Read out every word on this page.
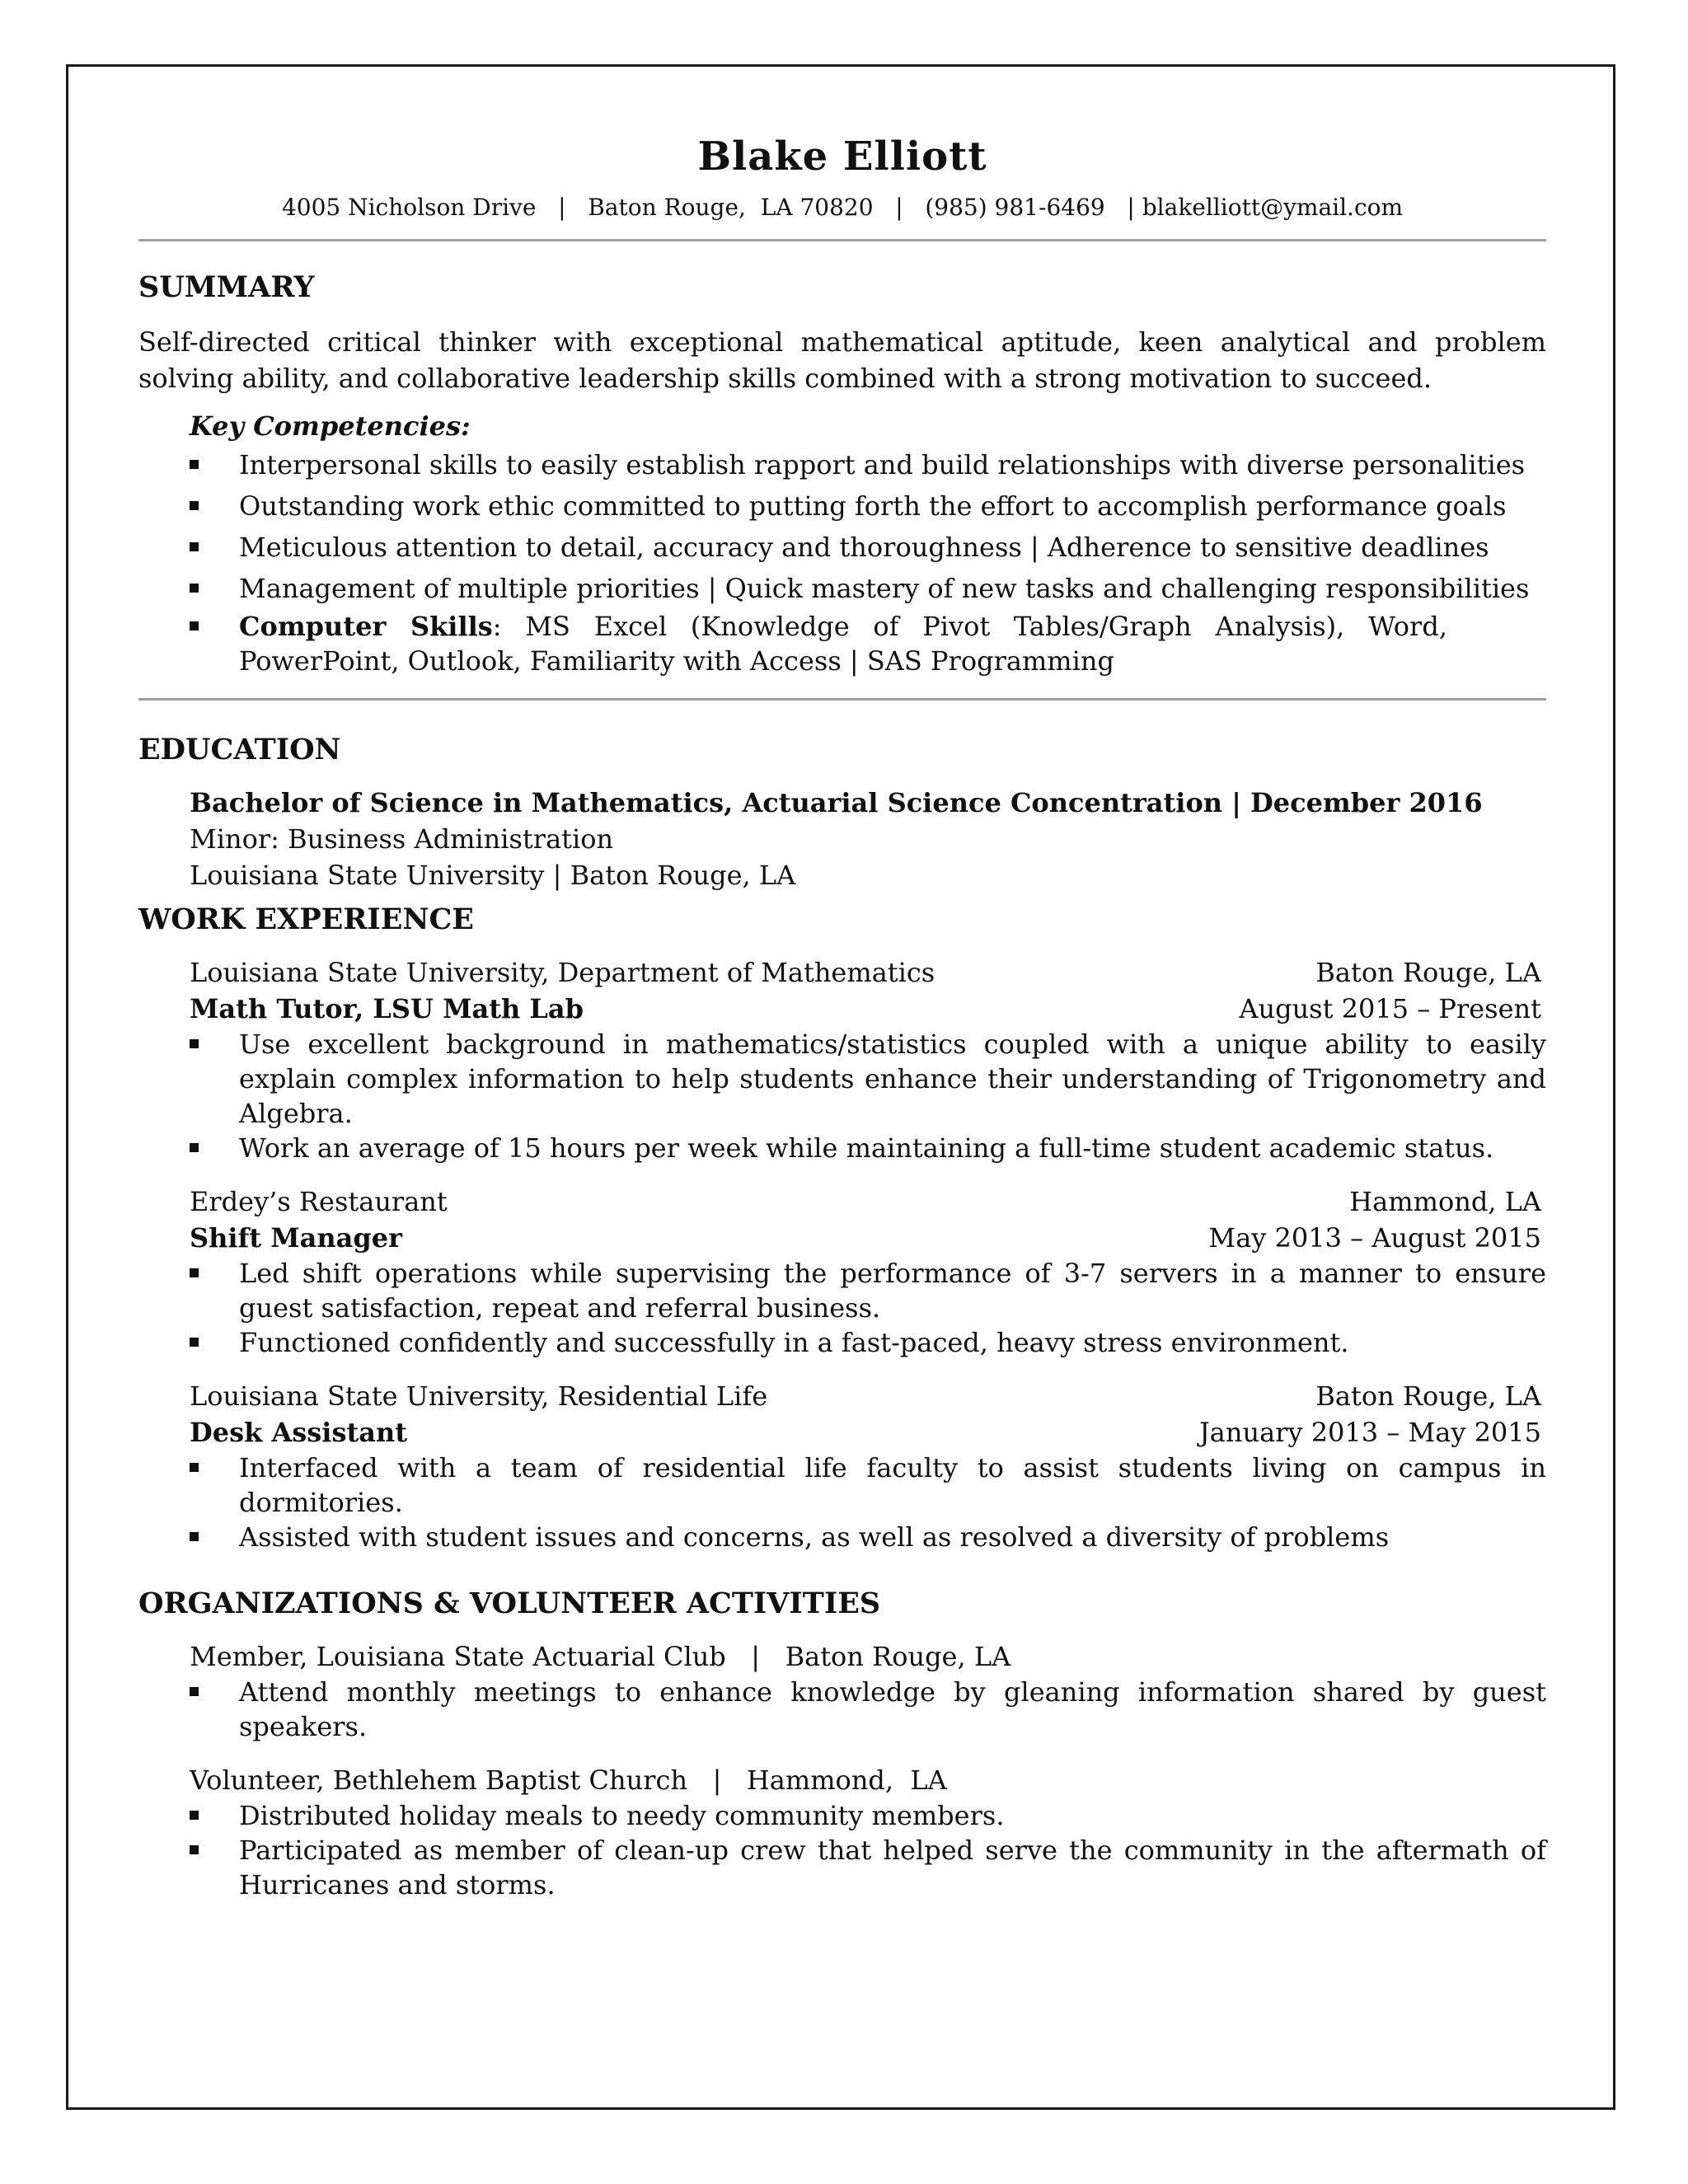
Blake Elliott
4005 Nicholson Drive   |   Baton Rouge,  LA 70820   |   (985) 981-6469   | blakelliott@ymail.com
SUMMARY
Self-directed critical thinker with exceptional mathematical aptitude, keen analytical and problem solving ability, and collaborative leadership skills combined with a strong motivation to succeed.
Key Competencies:
Interpersonal skills to easily establish rapport and build relationships with diverse personalities
Outstanding work ethic committed to putting forth the effort to accomplish performance goals
Meticulous attention to detail, accuracy and thoroughness | Adherence to sensitive deadlines
Management of multiple priorities | Quick mastery of new tasks and challenging responsibilities
Computer Skills: MS Excel (Knowledge of Pivot Tables/Graph Analysis), Word, PowerPoint, Outlook, Familiarity with Access | SAS Programming
EDUCATION
Bachelor of Science in Mathematics, Actuarial Science Concentration | December 2016
Minor: Business Administration
Louisiana State University | Baton Rouge, LA
WORK EXPERIENCE
Louisiana State University, Department of Mathematics	Baton Rouge, LA
Math Tutor, LSU Math Lab	August 2015 – Present
Use excellent background in mathematics/statistics coupled with a unique ability to easily explain complex information to help students enhance their understanding of Trigonometry and Algebra.
Work an average of 15 hours per week while maintaining a full-time student academic status.
Erdey’s Restaurant	Hammond, LA
Shift Manager	May 2013 – August 2015
Led shift operations while supervising the performance of 3-7 servers in a manner to ensure guest satisfaction, repeat and referral business.
Functioned confidently and successfully in a fast-paced, heavy stress environment.
Louisiana State University, Residential Life	Baton Rouge, LA
Desk Assistant	January 2013 – May 2015
Interfaced with a team of residential life faculty to assist students living on campus in dormitories.
Assisted with student issues and concerns, as well as resolved a diversity of problems
ORGANIZATIONS & VOLUNTEER ACTIVITIES
Member, Louisiana State Actuarial Club   |   Baton Rouge, LA
Attend monthly meetings to enhance knowledge by gleaning information shared by guest speakers.
Volunteer, Bethlehem Baptist Church   |   Hammond,  LA
Distributed holiday meals to needy community members.
Participated as member of clean-up crew that helped serve the community in the aftermath of Hurricanes and storms.
